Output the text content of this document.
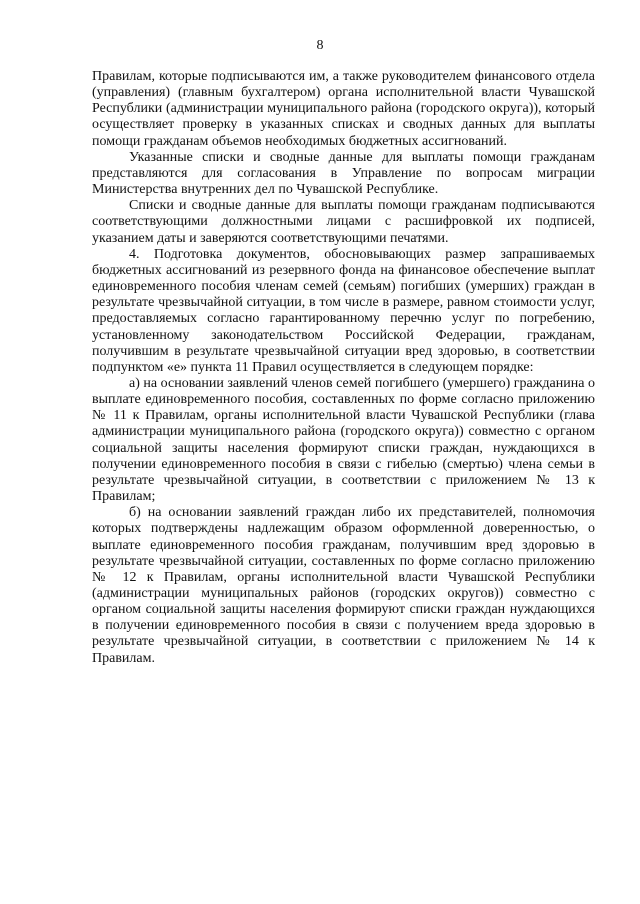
8

Правилам, которые подписываются им, а также руководителем финансового отдела (управления) (главным бухгалтером) органа исполнительной власти Чувашской Республики (администрации муниципального района (городского округа)), который осуществляет проверку в указанных списках и сводных данных для выплаты помощи гражданам объемов необходимых бюджетных ассигнований.

Указанные списки и сводные данные для выплаты помощи гражданам представляются для согласования в Управление по вопросам миграции Министерства внутренних дел по Чувашской Республике.

Списки и сводные данные для выплаты помощи гражданам подписываются соответствующими должностными лицами с расшифровкой их подписей, указанием даты и заверяются соответствующими печатями.

4. Подготовка документов, обосновывающих размер запрашиваемых бюджетных ассигнований из резервного фонда на финансовое обеспечение выплат единовременного пособия членам семей (семьям) погибших (умерших) граждан в результате чрезвычайной ситуации, в том числе в размере, равном стоимости услуг, предоставляемых согласно гарантированному перечню услуг по погребению, установленному законодательством Российской Федерации, гражданам, получившим в результате чрезвычайной ситуации вред здоровью, в соответствии подпунктом «е» пункта 11 Правил осуществляется в следующем порядке:

а) на основании заявлений членов семей погибшего (умершего) гражданина о выплате единовременного пособия, составленных по форме согласно приложению № 11 к Правилам, органы исполнительной власти Чувашской Республики (глава администрации муниципального района (городского округа)) совместно с органом социальной защиты населения формируют списки граждан, нуждающихся в получении единовременного пособия в связи с гибелью (смертью) члена семьи в результате чрезвычайной ситуации, в соответствии с приложением № 13 к Правилам;

б) на основании заявлений граждан либо их представителей, полномочия которых подтверждены надлежащим образом оформленной доверенностью, о выплате единовременного пособия гражданам, получившим вред здоровью в результате чрезвычайной ситуации, составленных по форме согласно приложению № 12 к Правилам, органы исполнительной власти Чувашской Республики (администрации муниципальных районов (городских округов)) совместно с органом социальной защиты населения формируют списки граждан нуждающихся в получении единовременного пособия в связи с получением вреда здоровью в результате чрезвычайной ситуации, в соответствии с приложением № 14 к Правилам.
